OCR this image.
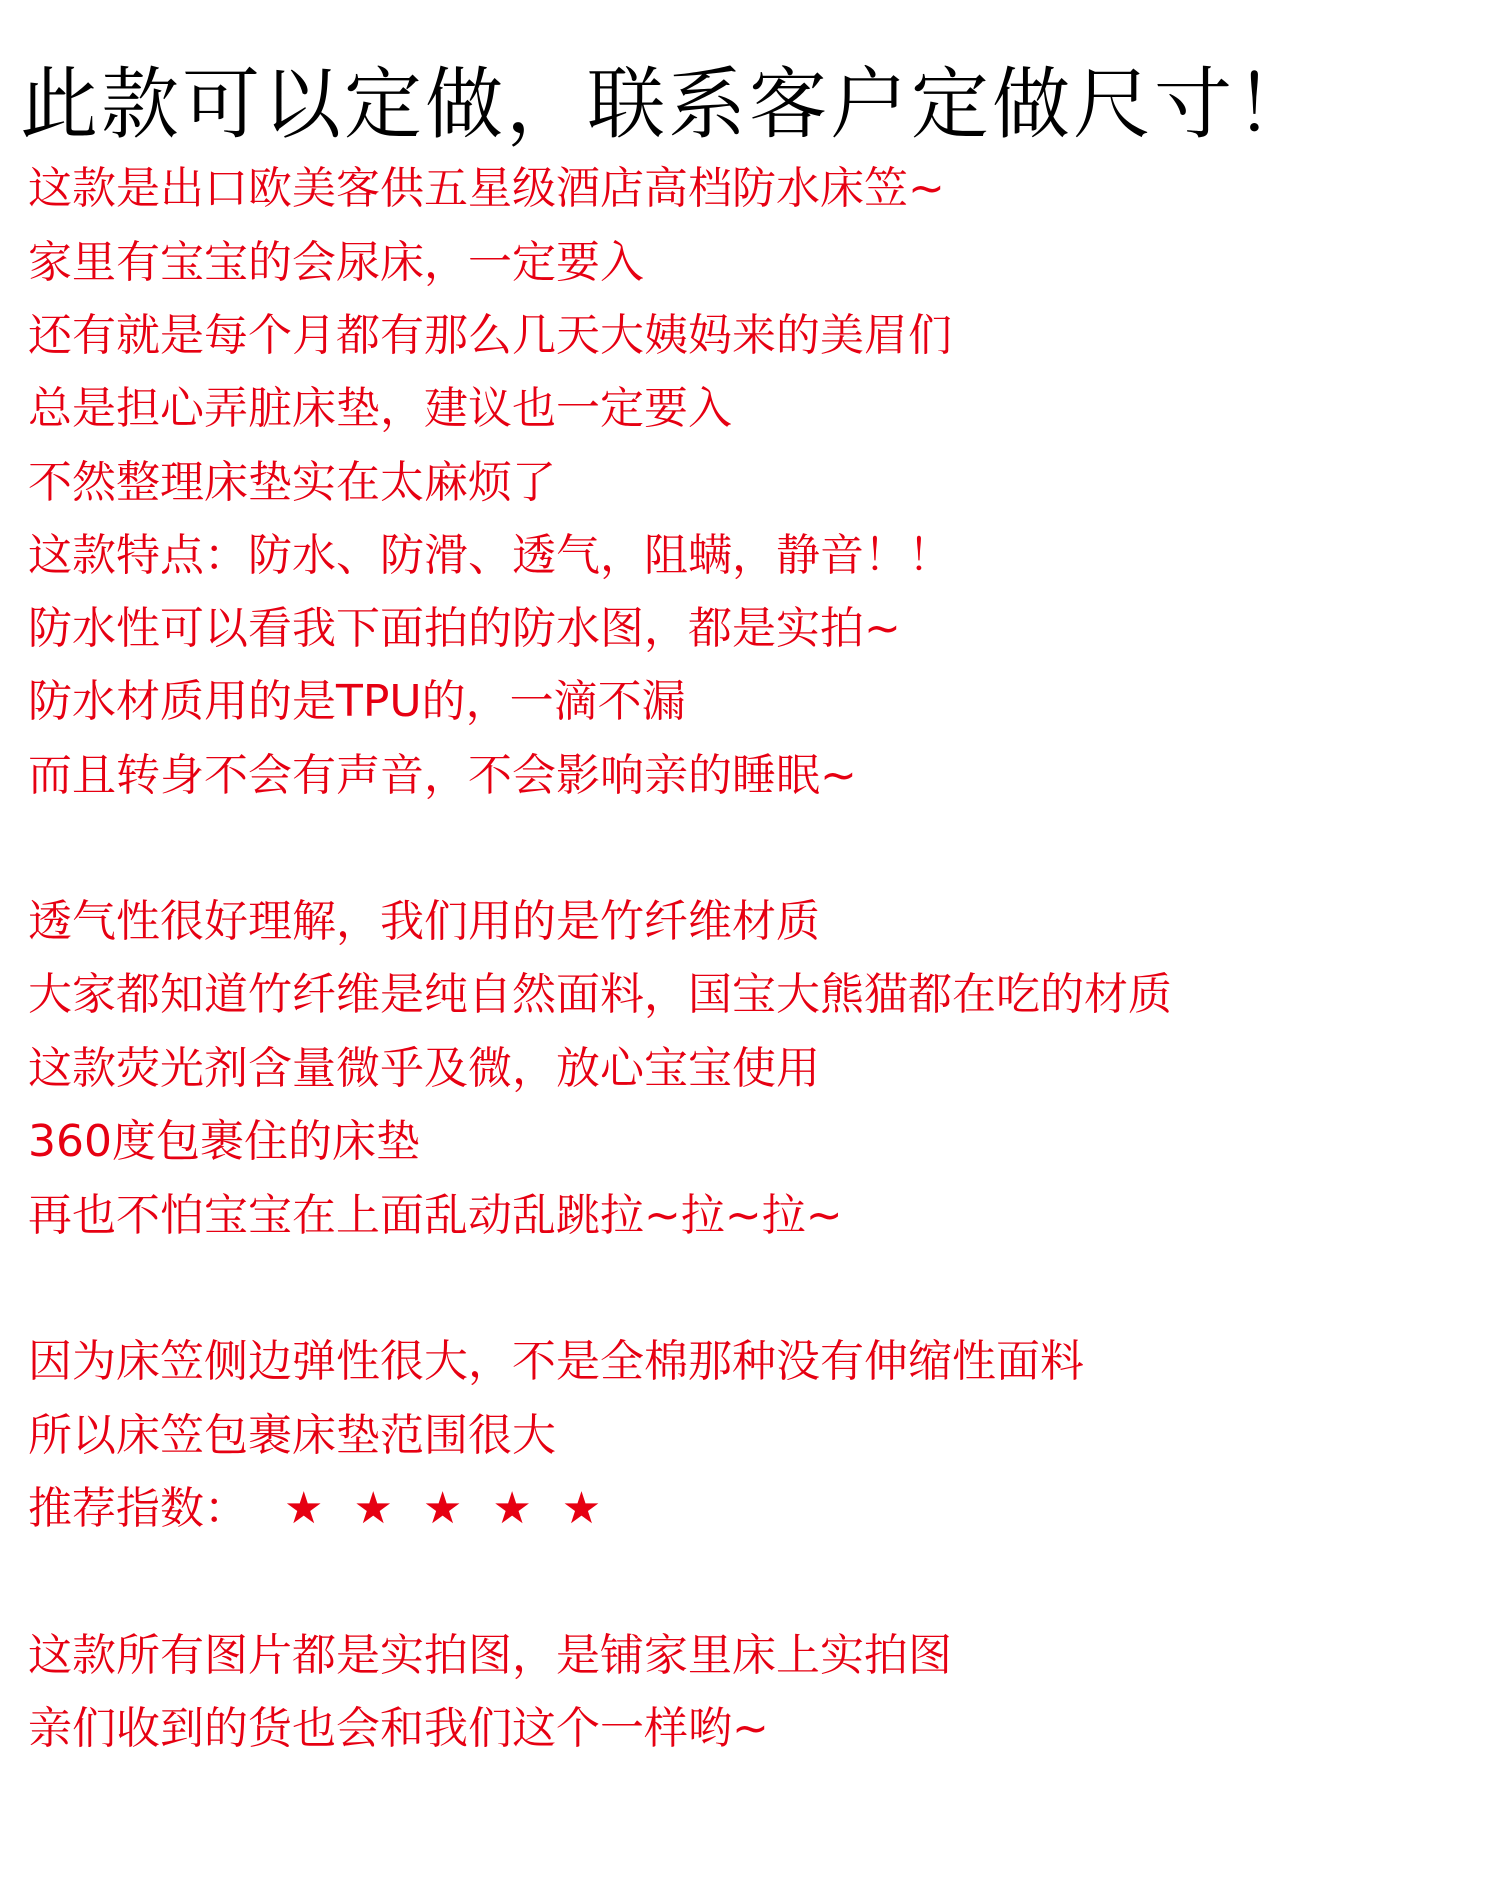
此款可以定做，联系客户定做尺寸！
这款是出口欧美客供五星级酒店高档防水床笠~
家里有宝宝的会尿床，一定要入
还有就是每个月都有那么几天大姨妈来的美眉们
总是担心弄脏床垫，建议也一定要入
不然整理床垫实在太麻烦了
这款特点：防水、防滑、透气，阻螨，静音！！
防水性可以看我下面拍的防水图，都是实拍~
防水材质用的是TPU的，一滴不漏
而且转身不会有声音，不会影响亲的睡眠~
透气性很好理解，我们用的是竹纤维材质
大家都知道竹纤维是纯自然面料，国宝大熊猫都在吃的材质
这款荧光剂含量微乎及微，放心宝宝使用
360度包裹住的床垫
再也不怕宝宝在上面乱动乱跳拉~拉~拉~
因为床笠侧边弹性很大，不是全棉那种没有伸缩性面料
所以床笠包裹床垫范围很大
推荐指数： ★★★★★
这款所有图片都是实拍图，是铺家里床上实拍图
亲们收到的货也会和我们这个一样哟~
